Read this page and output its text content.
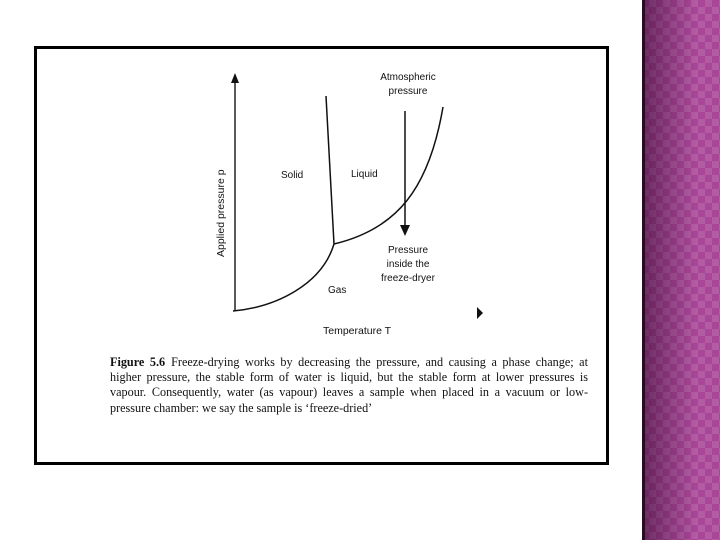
Applied pressure p
Temperature T
Solid	Liquid
Gas
Atmospheric
pressure
Pressure
inside the
freeze-dryer

Figure 5.6 Freeze-drying works by decreasing the pressure, and causing a phase change; at higher pressure, the stable form of water is liquid, but the stable form at lower pressures is vapour. Consequently, water (as vapour) leaves a sample when placed in a vacuum or low-pressure chamber: we say the sample is ‘freeze-dried’
